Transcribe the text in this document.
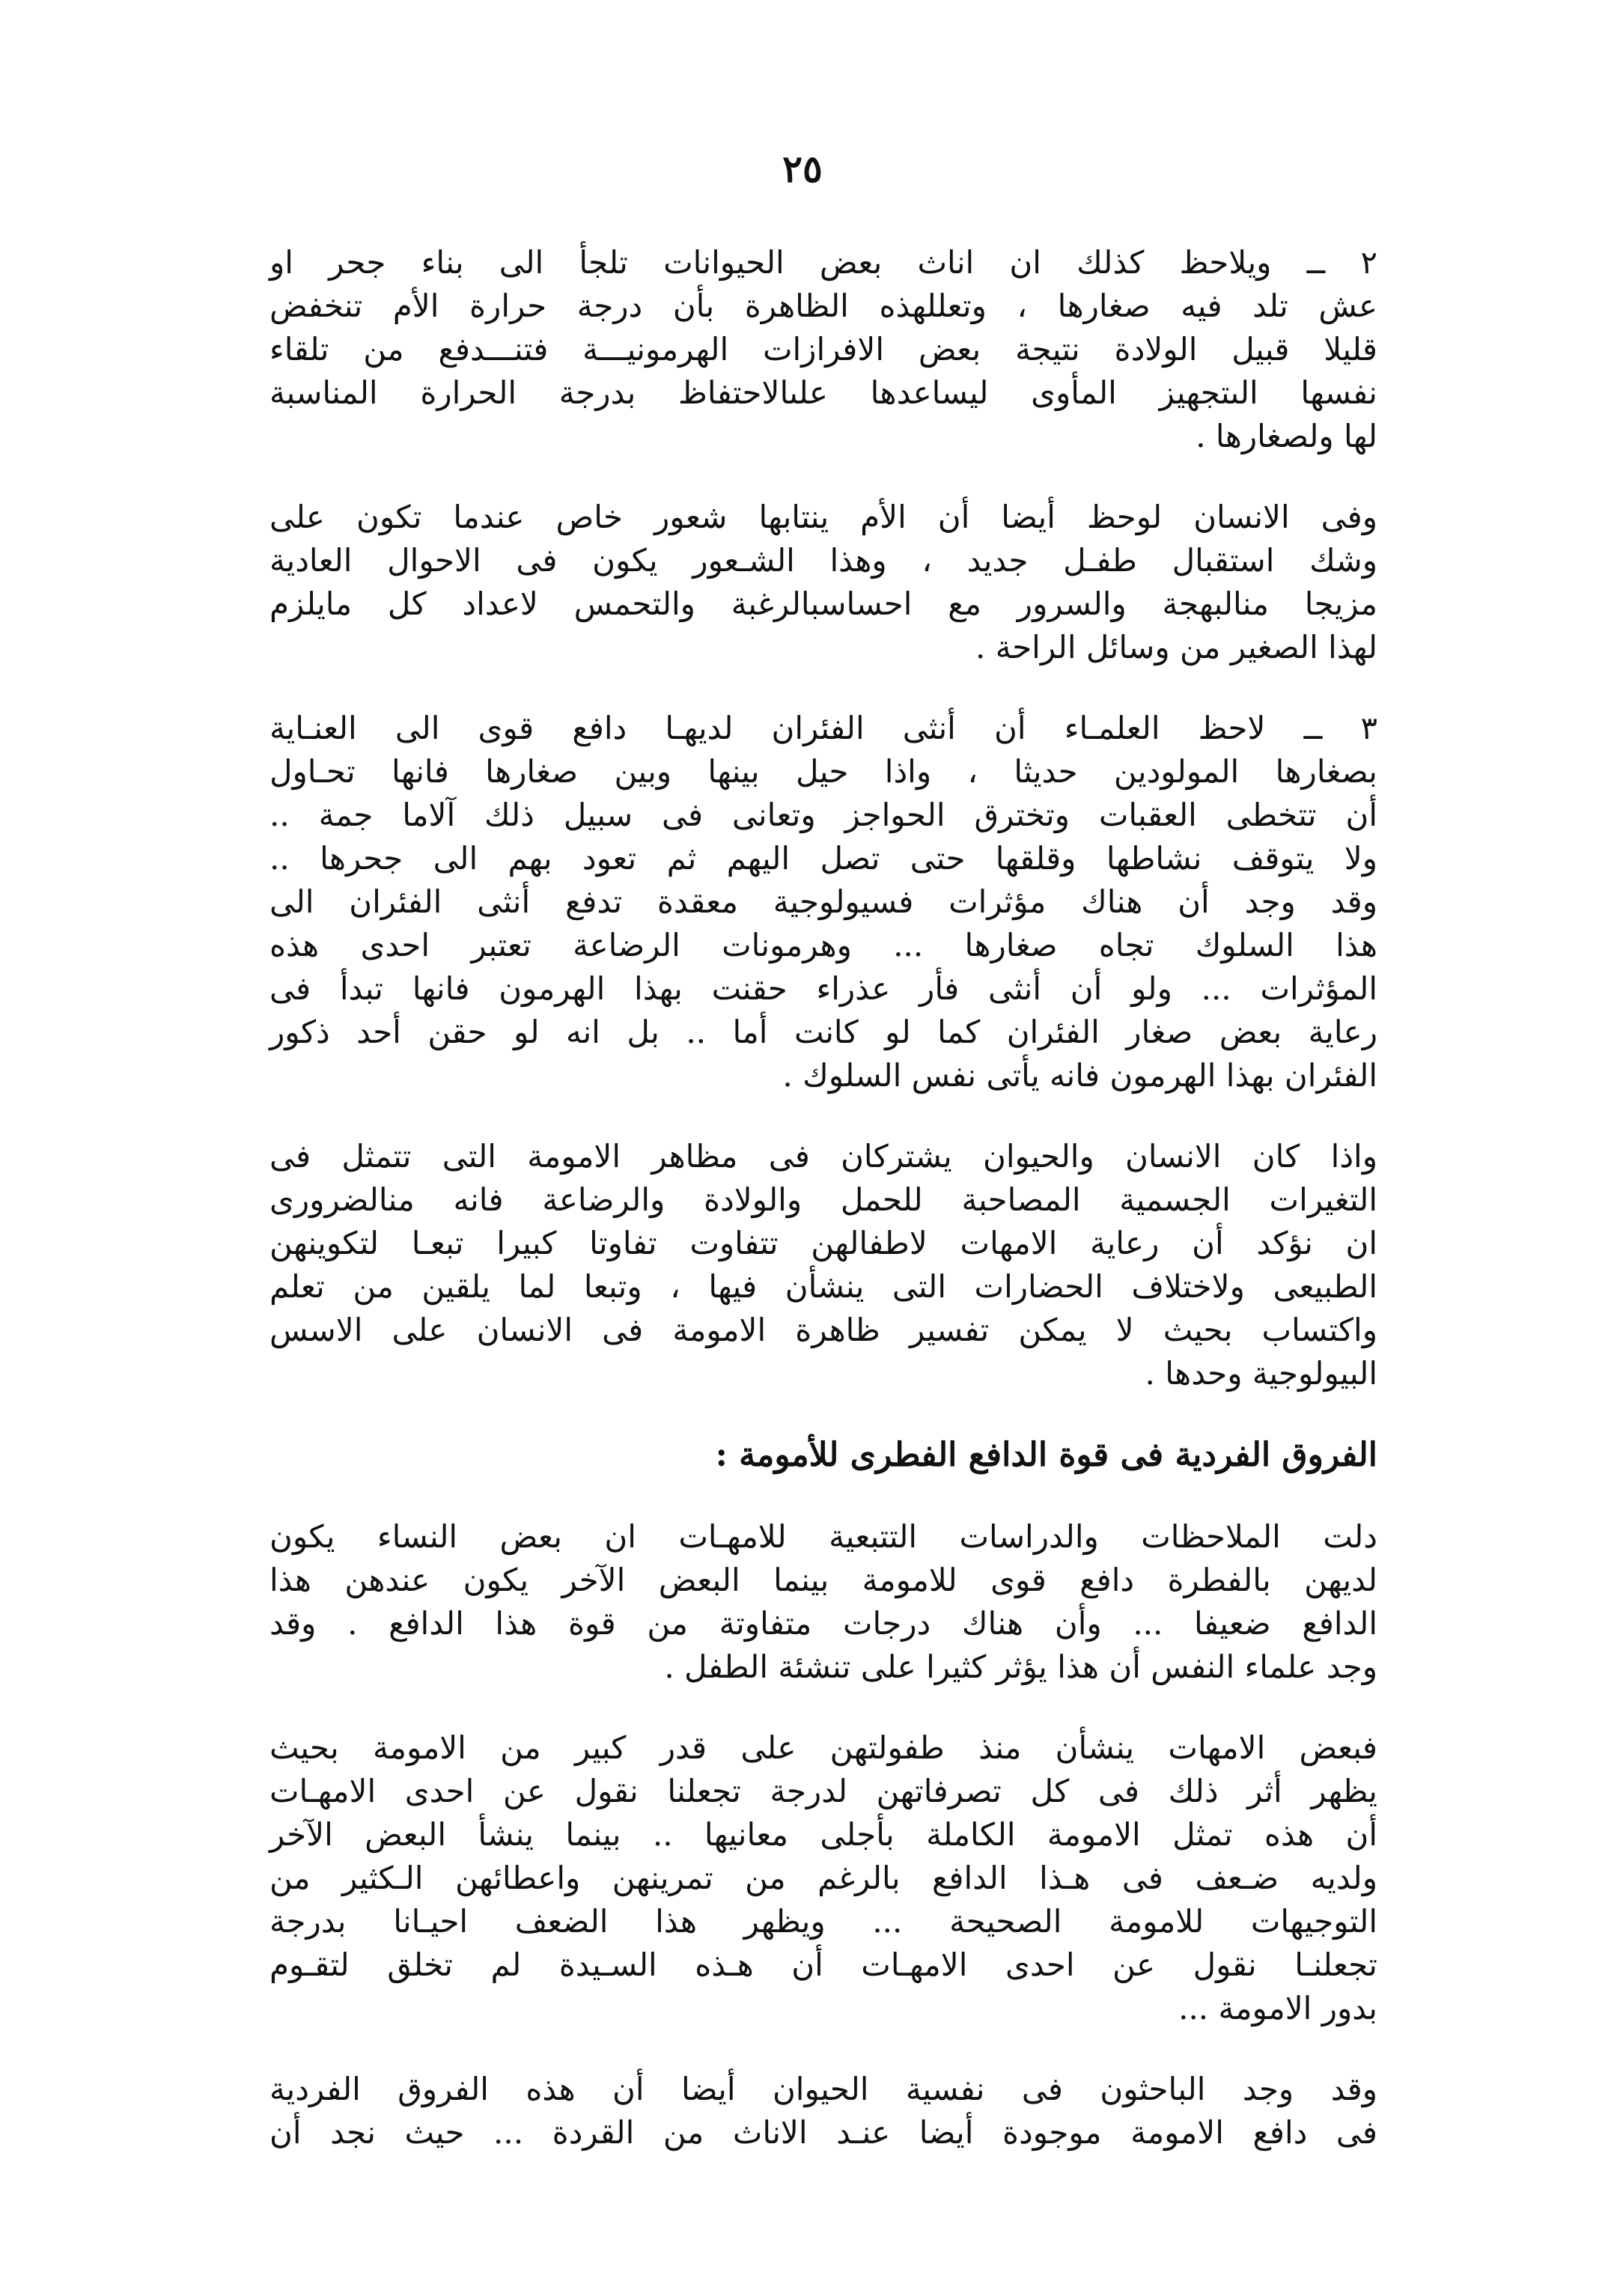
٢٥

٢ ــ ويلاحظ كذلك ان اناث بعض الحيوانات تلجأ الى بناء جحر او
عش تلد فيه صغارها ، وتعللهذه الظاهرة بأن درجة حرارة الأم تنخفض
قليلا قبيل الولادة نتيجة بعض الافرازات الهرمونيـــة فتنـــدفع من تلقاء
نفسها الىتجهيز المأوى ليساعدها علىالاحتفاظ بدرجة الحرارة المناسبة
لها ولصغارها .

وفى الانسان لوحظ أيضا أن الأم ينتابها شعور خاص عندما تكون على
وشك استقبال طفـل جديد ، وهذا الشـعور يكون فى الاحوال العادية
مزيجا منالبهجة والسرور مع احساسبالرغبة والتحمس لاعداد كل مايلزم
لهذا الصغير من وسائل الراحة .

٣ ــ لاحظ العلمـاء أن أنثى الفئران لديهـا دافع قوى الى العنـاية
بصغارها المولودين حديثا ، واذا حيل بينها وبين صغارها فانها تحـاول
أن تتخطى العقبات وتخترق الحواجز وتعانى فى سبيل ذلك آلاما جمة ..
ولا يتوقف نشاطها وقلقها حتى تصل اليهم ثم تعود بهم الى جحرها ..
وقد وجد أن هناك مؤثرات فسيولوجية معقدة تدفع أنثى الفئران الى
هذا السلوك تجاه صغارها ... وهرمونات الرضاعة تعتبر احدى هذه
المؤثرات ... ولو أن أنثى فأر عذراء حقنت بهذا الهرمون فانها تبدأ فى
رعاية بعض صغار الفئران كما لو كانت أما .. بل انه لو حقن أحد ذكور
الفئران بهذا الهرمون فانه يأتى نفس السلوك .

واذا كان الانسان والحيوان يشتركان فى مظاهر الامومة التى تتمثل فى
التغيرات الجسمية المصاحبة للحمل والولادة والرضاعة فانه منالضرورى
ان نؤكد أن رعاية الامهات لاطفالهن تتفاوت تفاوتا كبيرا تبعـا لتكوينهن
الطبيعى ولاختلاف الحضارات التى ينشأن فيها ، وتبعا لما يلقين من تعلم
واكتساب بحيث لا يمكن تفسير ظاهرة الامومة فى الانسان على الاسس
البيولوجية وحدها .

الفروق الفردية فى قوة الدافع الفطرى للأمومة :

دلت الملاحظات والدراسات التتبعية للامهـات ان بعض النساء يكون
لديهن بالفطرة دافع قوى للامومة بينما البعض الآخر يكون عندهن هذا
الدافع ضعيفا ... وأن هناك درجات متفاوتة من قوة هذا الدافع . وقد
وجد علماء النفس أن هذا يؤثر كثيرا على تنشئة الطفل .

فبعض الامهات ينشأن منذ طفولتهن على قدر كبير من الامومة بحيث
يظهر أثر ذلك فى كل تصرفاتهن لدرجة تجعلنا نقول عن احدى الامهـات
أن هذه تمثل الامومة الكاملة بأجلى معانيها .. بينما ينشأ البعض الآخر
ولديه ضـعف فى هـذا الدافع بالرغم من تمرينهن واعطائهن الـكثير من
التوجيهات للامومة الصحيحة ... ويظهر هذا الضعف احيـانا بدرجة
تجعلنـا نقول عن احدى الامهـات أن هـذه السـيدة لم تخلق لتقـوم
بدور الامومة ...

وقد وجد الباحثون فى نفسية الحيوان أيضا أن هذه الفروق الفردية
فى دافع الامومة موجودة أيضا عنـد الاناث من القردة ... حيث نجد أن
